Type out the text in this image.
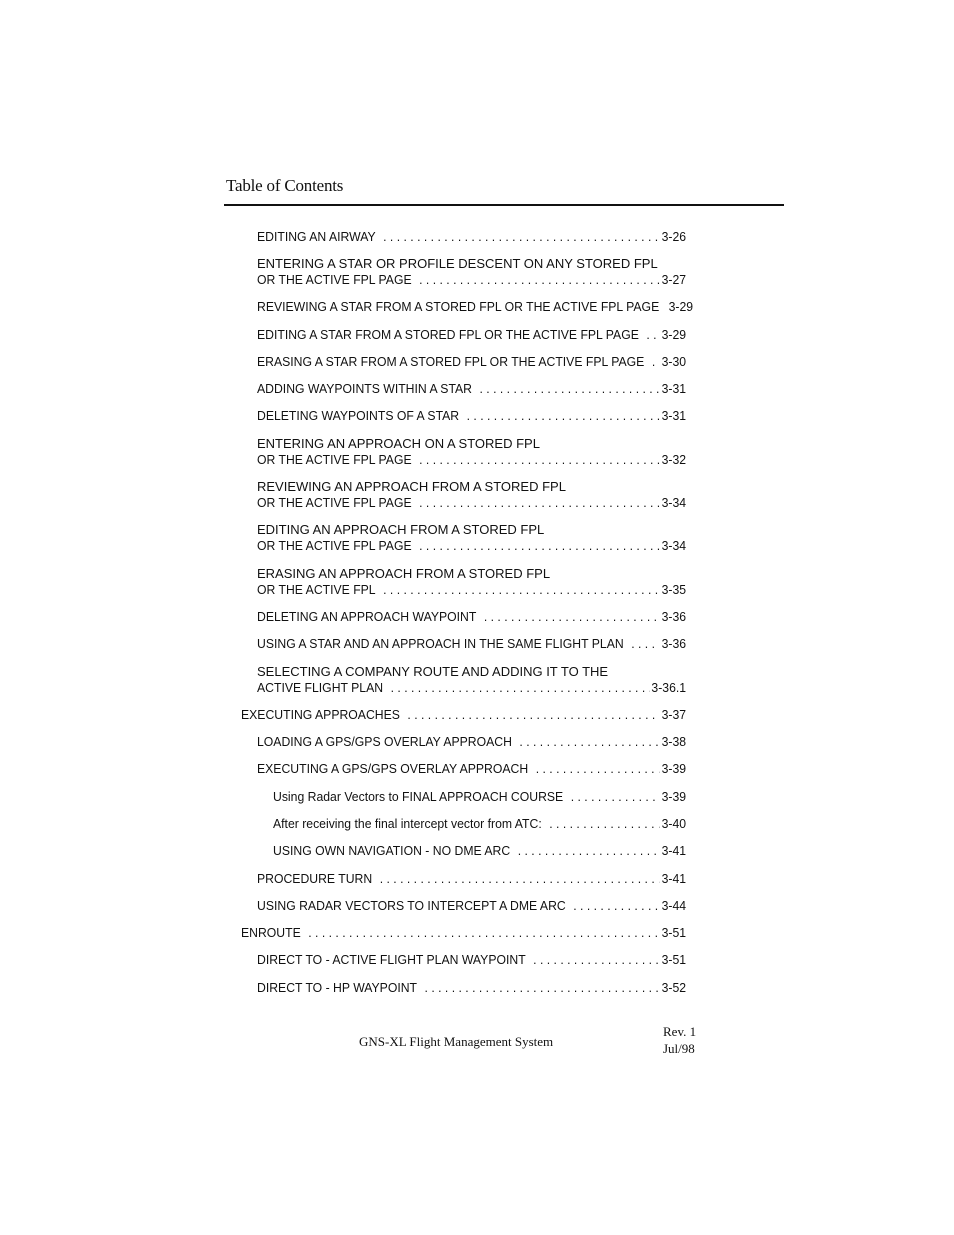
Table of Contents
EDITING AN AIRWAY . . .	3-26
ENTERING A STAR OR PROFILE DESCENT ON ANY STORED FPL
OR THE ACTIVE FPL PAGE . . .	3-27
REVIEWING A STAR FROM A STORED FPL OR THE ACTIVE FPL PAGE 3-29
EDITING A STAR FROM A STORED FPL OR THE ACTIVE FPL PAGE . . . 3-29
ERASING A STAR FROM A STORED FPL OR THE ACTIVE FPL PAGE . . . 3-30
ADDING WAYPOINTS WITHIN A STAR . . .	3-31
DELETING WAYPOINTS OF A STAR . . .	3-31
ENTERING AN APPROACH ON A STORED FPL
OR THE ACTIVE FPL PAGE . . .	3-32
REVIEWING AN APPROACH FROM A STORED FPL
OR THE ACTIVE FPL PAGE . . .	3-34
EDITING AN APPROACH FROM A STORED FPL
OR THE ACTIVE FPL PAGE . . .	3-34
ERASING AN APPROACH FROM A STORED FPL
OR THE ACTIVE FPL . . .	3-35
DELETING AN APPROACH WAYPOINT . . .	3-36
USING A STAR AND AN APPROACH IN THE SAME FLIGHT PLAN . . .	3-36
SELECTING A COMPANY ROUTE AND ADDING IT TO THE
ACTIVE FLIGHT PLAN . . .	3-36.1
EXECUTING APPROACHES . . .	3-37
LOADING A GPS/GPS OVERLAY APPROACH . . .	3-38
EXECUTING A GPS/GPS OVERLAY APPROACH . . .	3-39
Using Radar Vectors to FINAL APPROACH COURSE . . .	3-39
After receiving the final intercept vector from ATC: . . .	3-40
USING OWN NAVIGATION - NO DME ARC . . .	3-41
PROCEDURE TURN . . .	3-41
USING RADAR VECTORS TO INTERCEPT A DME ARC . . .	3-44
ENROUTE . . .	3-51
DIRECT TO - ACTIVE FLIGHT PLAN WAYPOINT . . .	3-51
DIRECT TO - HP WAYPOINT . . .	3-52
GNS-XL Flight Management System
Rev. 1
Jul/98
